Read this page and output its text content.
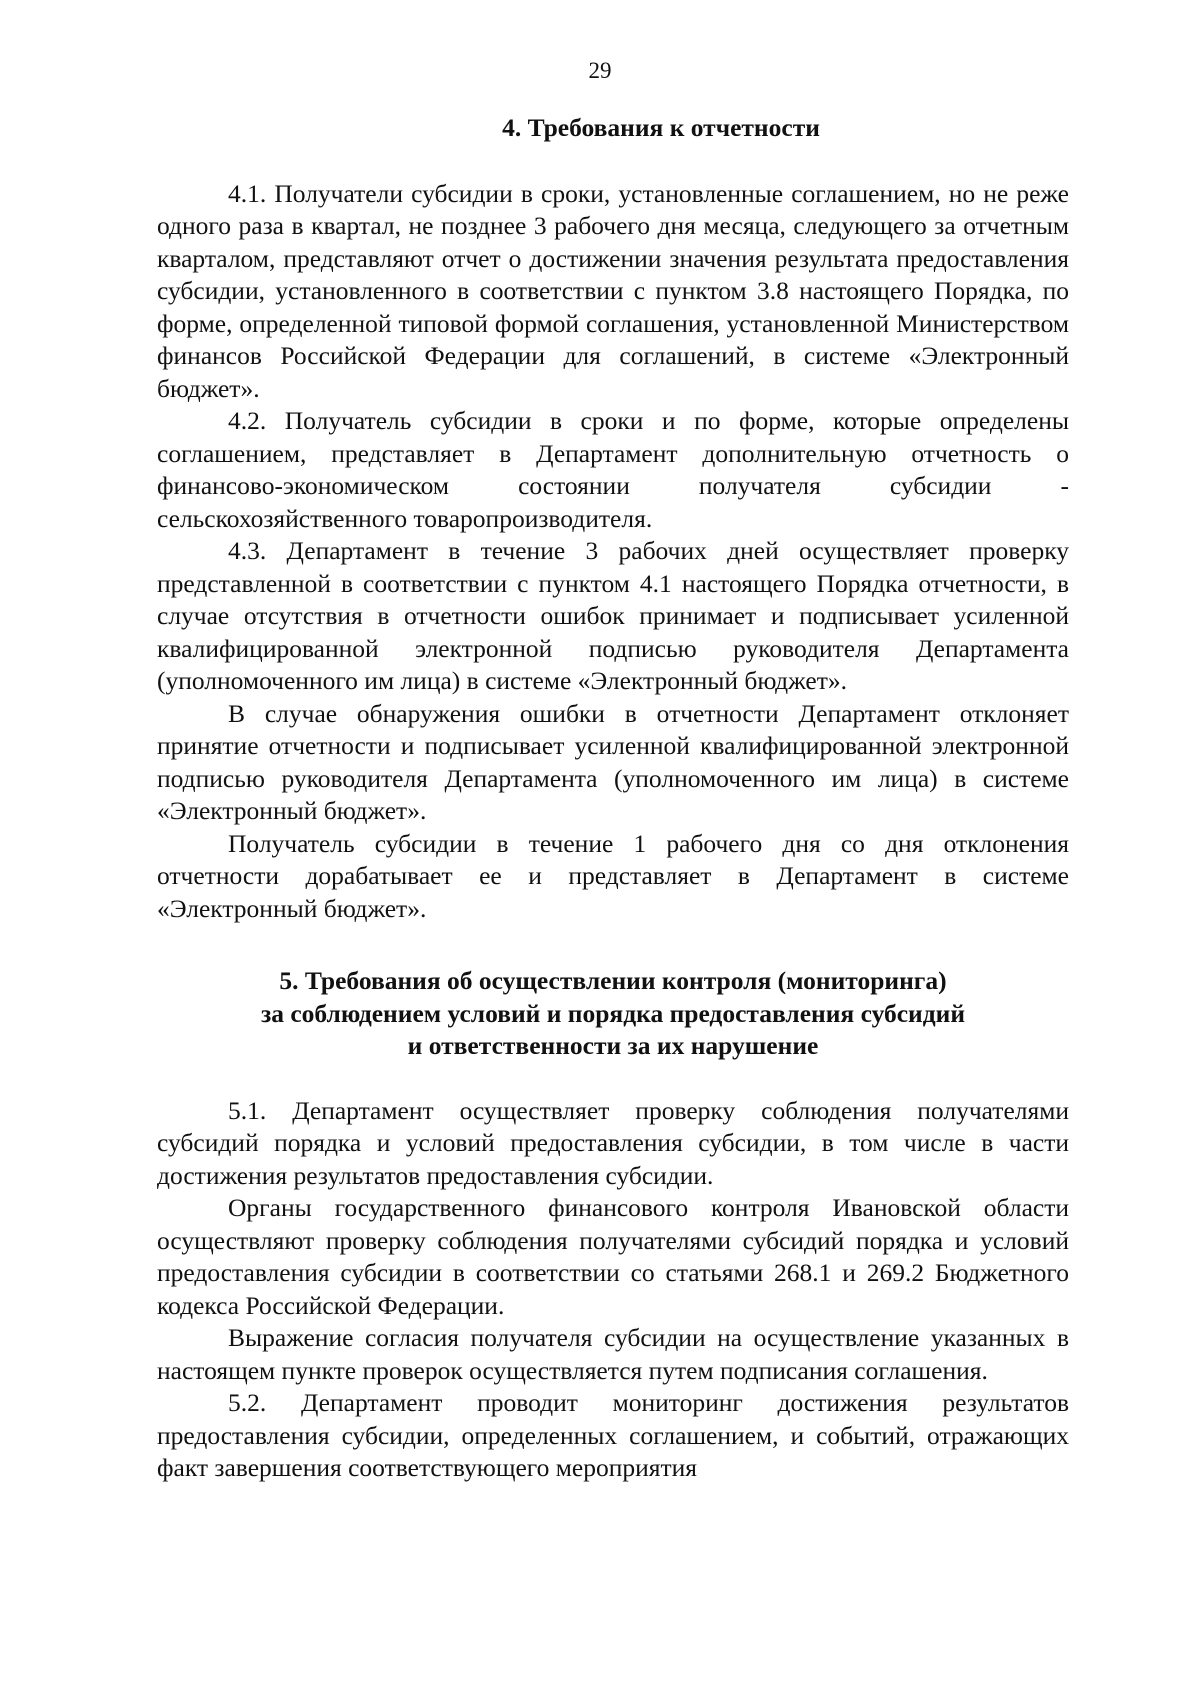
29
4. Требования к отчетности

4.1. Получатели субсидии в сроки, установленные соглашением, но не реже одного раза в квартал, не позднее 3 рабочего дня месяца, следующего за отчетным кварталом, представляют отчет о достижении значения результата предоставления субсидии, установленного в соответствии с пунктом 3.8 настоящего Порядка, по форме, определенной типовой формой соглашения, установленной Министерством финансов Российской Федерации для соглашений, в системе «Электронный бюджет».

4.2. Получатель субсидии в сроки и по форме, которые определены соглашением, представляет в Департамент дополнительную отчетность о финансово-экономическом состоянии получателя субсидии - сельскохозяйственного товаропроизводителя.

4.3. Департамент в течение 3 рабочих дней осуществляет проверку представленной в соответствии с пунктом 4.1 настоящего Порядка отчетности, в случае отсутствия в отчетности ошибок принимает и подписывает усиленной квалифицированной электронной подписью руководителя Департамента (уполномоченного им лица) в системе «Электронный бюджет».

В случае обнаружения ошибки в отчетности Департамент отклоняет принятие отчетности и подписывает усиленной квалифицированной электронной подписью руководителя Департамента (уполномоченного им лица) в системе «Электронный бюджет».

Получатель субсидии в течение 1 рабочего дня со дня отклонения отчетности дорабатывает ее и представляет в Департамент в системе «Электронный бюджет».

5. Требования об осуществлении контроля (мониторинга)
за соблюдением условий и порядка предоставления субсидий
и ответственности за их нарушение

5.1. Департамент осуществляет проверку соблюдения получателями субсидий порядка и условий предоставления субсидии, в том числе в части достижения результатов предоставления субсидии.

Органы государственного финансового контроля Ивановской области осуществляют проверку соблюдения получателями субсидий порядка и условий предоставления субсидии в соответствии со статьями 268.1 и 269.2 Бюджетного кодекса Российской Федерации.

Выражение согласия получателя субсидии на осуществление указанных в настоящем пункте проверок осуществляется путем подписания соглашения.

5.2. Департамент проводит мониторинг достижения результатов предоставления субсидии, определенных соглашением, и событий, отражающих факт завершения соответствующего мероприятия
